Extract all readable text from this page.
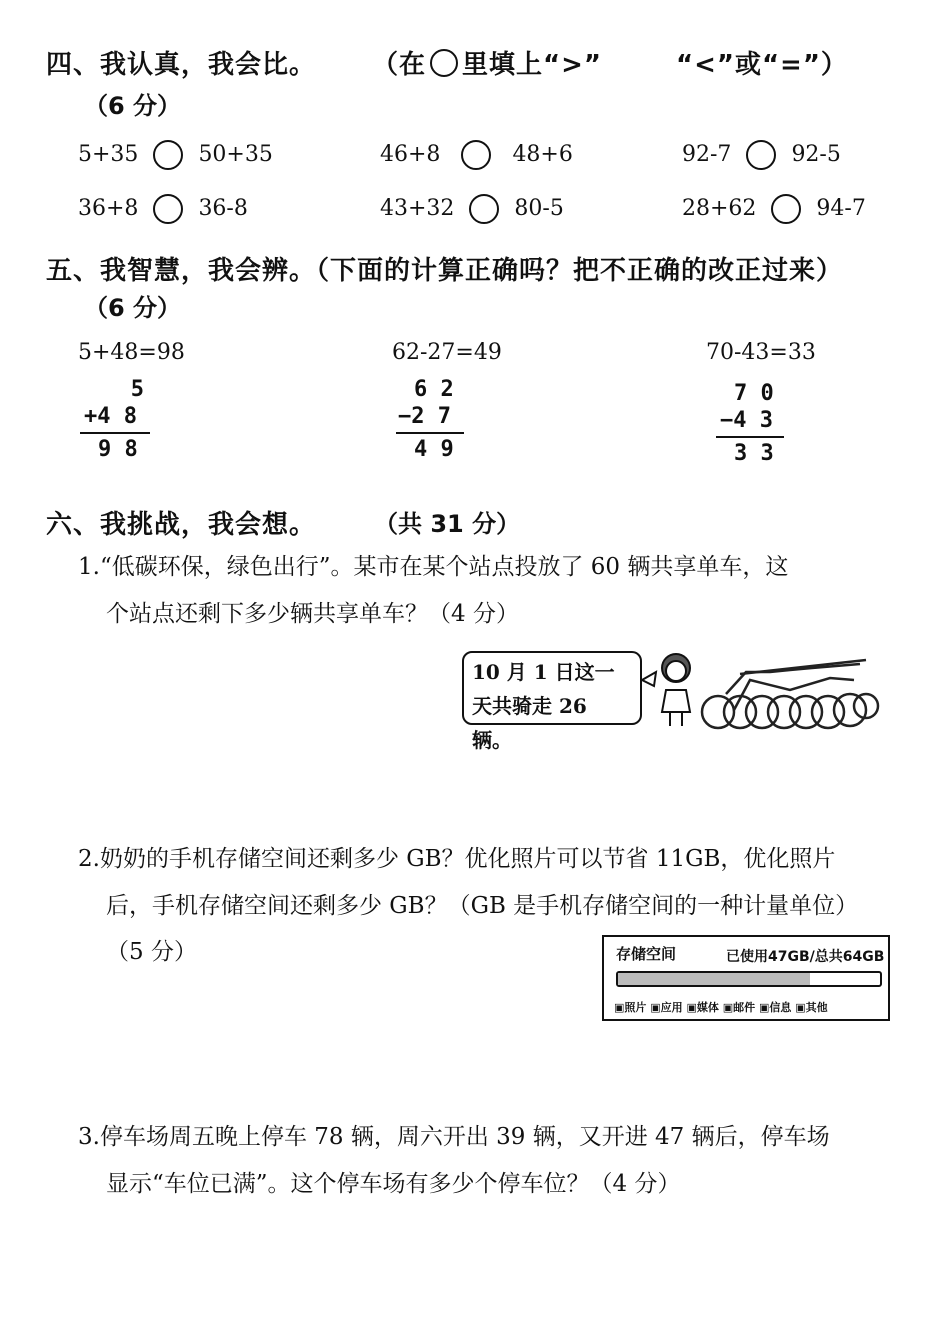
四、我认真，我会比。 （在 里填上“>”	“<”或“=”）
（6 分）
5+35	50+35	46+8	48+6	92-7	92-5
36+8	36-8	43+32	80-5	28+62	94-7
五、我智慧，我会辨。（下面的计算正确吗？把不正确的改正过来）
（6 分）
5+48=98
5
+4 8
9 8
62-27=49
6 2
−2 7
4 9
70-43=33
7 0
−4 3
3 3
六、我挑战，我会想。 （共 31 分）
1.“低碳环保，绿色出行”。某市在某个站点投放了 60 辆共享单车，这
个站点还剩下多少辆共享单车？（4 分）
10 月 1 日这一
天共骑走 26 辆。
2.奶奶的手机存储空间还剩多少 GB？优化照片可以节省 11GB，优化照片
后，手机存储空间还剩多少 GB？（GB 是手机存储空间的一种计量单位）
（5 分）	存储空间	已使用47GB/总共64GB
▣照片 ▣应用 ▣媒体 ▣邮件 ▣信息 ▣其他
3.停车场周五晚上停车 78 辆，周六开出 39 辆，又开进 47 辆后，停车场
显示“车位已满”。这个停车场有多少个停车位？（4 分）
